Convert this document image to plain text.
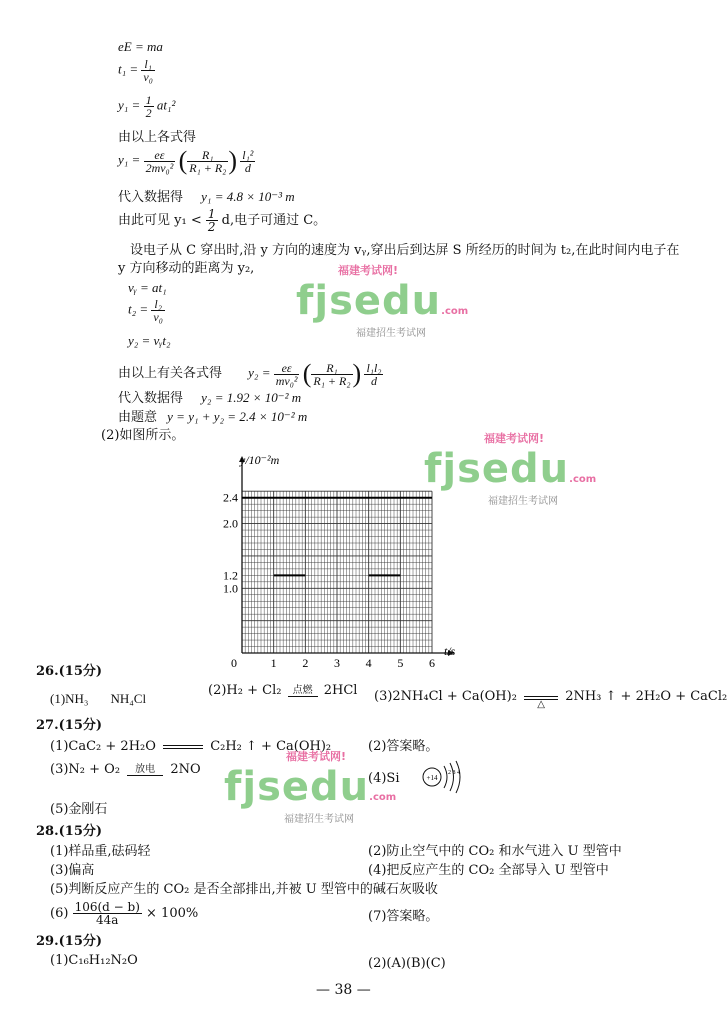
eE = ma
$t_1 = \frac{\text{l₁}}{\text{v₀}}$
$y_1 = \frac{1}{2} at_1^2$
由以上各式得
$y_1 = \frac{e\varepsilon}{\text{2mv₀²}}$ ( $\frac{\text{R₁}}{\text{R₁ + R₂}}$ ) $\frac{\text{l₁²}}{d}$
代入数据得 y₁ = 4.8 × 10⁻³ m
由此可见 $y_1 < \frac{1}{2} d$,电子可通过 C。
设电子从 C 穿出时,沿 y 方向的速度为 vᵧ,穿出后到达屏 S 所经历的时间为 t₂,在此时间内电子在
y 方向移动的距离为 y₂,
vᵧ = at₁
$t_2 = \frac{\text{l₂}}{\text{v₀}}$
y₂ = vᵧt₂
由以上有关各式得 $y_2 = \frac{e\varepsilon}{\text{mv₀²}}$ ( $\frac{\text{R₁}}{\text{R₁ + R₂}}$ ) $\frac{\text{l₁l₂}}{d}$
代入数据得 y₂ = 1.92 × 10⁻² m
由题意 y = y₁ + y₂ = 2.4 × 10⁻² m
(2)如图所示。
0	1 2 3 4 5 6
1.0
1.2
2.0
2.4
y/10⁻²m
t/s
26.(15分)
(1)NH₃ NH₄Cl
(2)H₂ + Cl₂	点燃 2HCl (3)2NH₄Cl + Ca(OH)₂
△
2NH₃ ↑ + 2H₂O + CaCl₂
27.(15分)
(1)CaC₂ + 2H₂O	C₂H₂ ↑ + Ca(OH)₂	(2)答案略。
(3)N₂ + O₂	放电	2NO
(4)Si	+14
2 8 4
(5)金刚石
28.(15分)
(1)样品重,砝码轻	(2)防止空气中的 CO₂ 和水气进入 U 型管中
(3)偏高	(4)把反应产生的 CO₂ 全部导入 U 型管中
(5)判断反应产生的 CO₂ 是否全部排出,并被 U 型管中的碱石灰吸收
$(6) \frac{106(d - b)}{44a} \times 100\%$	(7)答案略。
29.(15分)
(1)C₁₆H₁₂N₂O	(2)(A)(B)(C)
— 38 —
福建考试网!
fjsedu.com
福建招生考试网
福建考试网!
fjsedu.com
福建招生考试网
福建考试网!
fjsedu.com
福建招生考试网
